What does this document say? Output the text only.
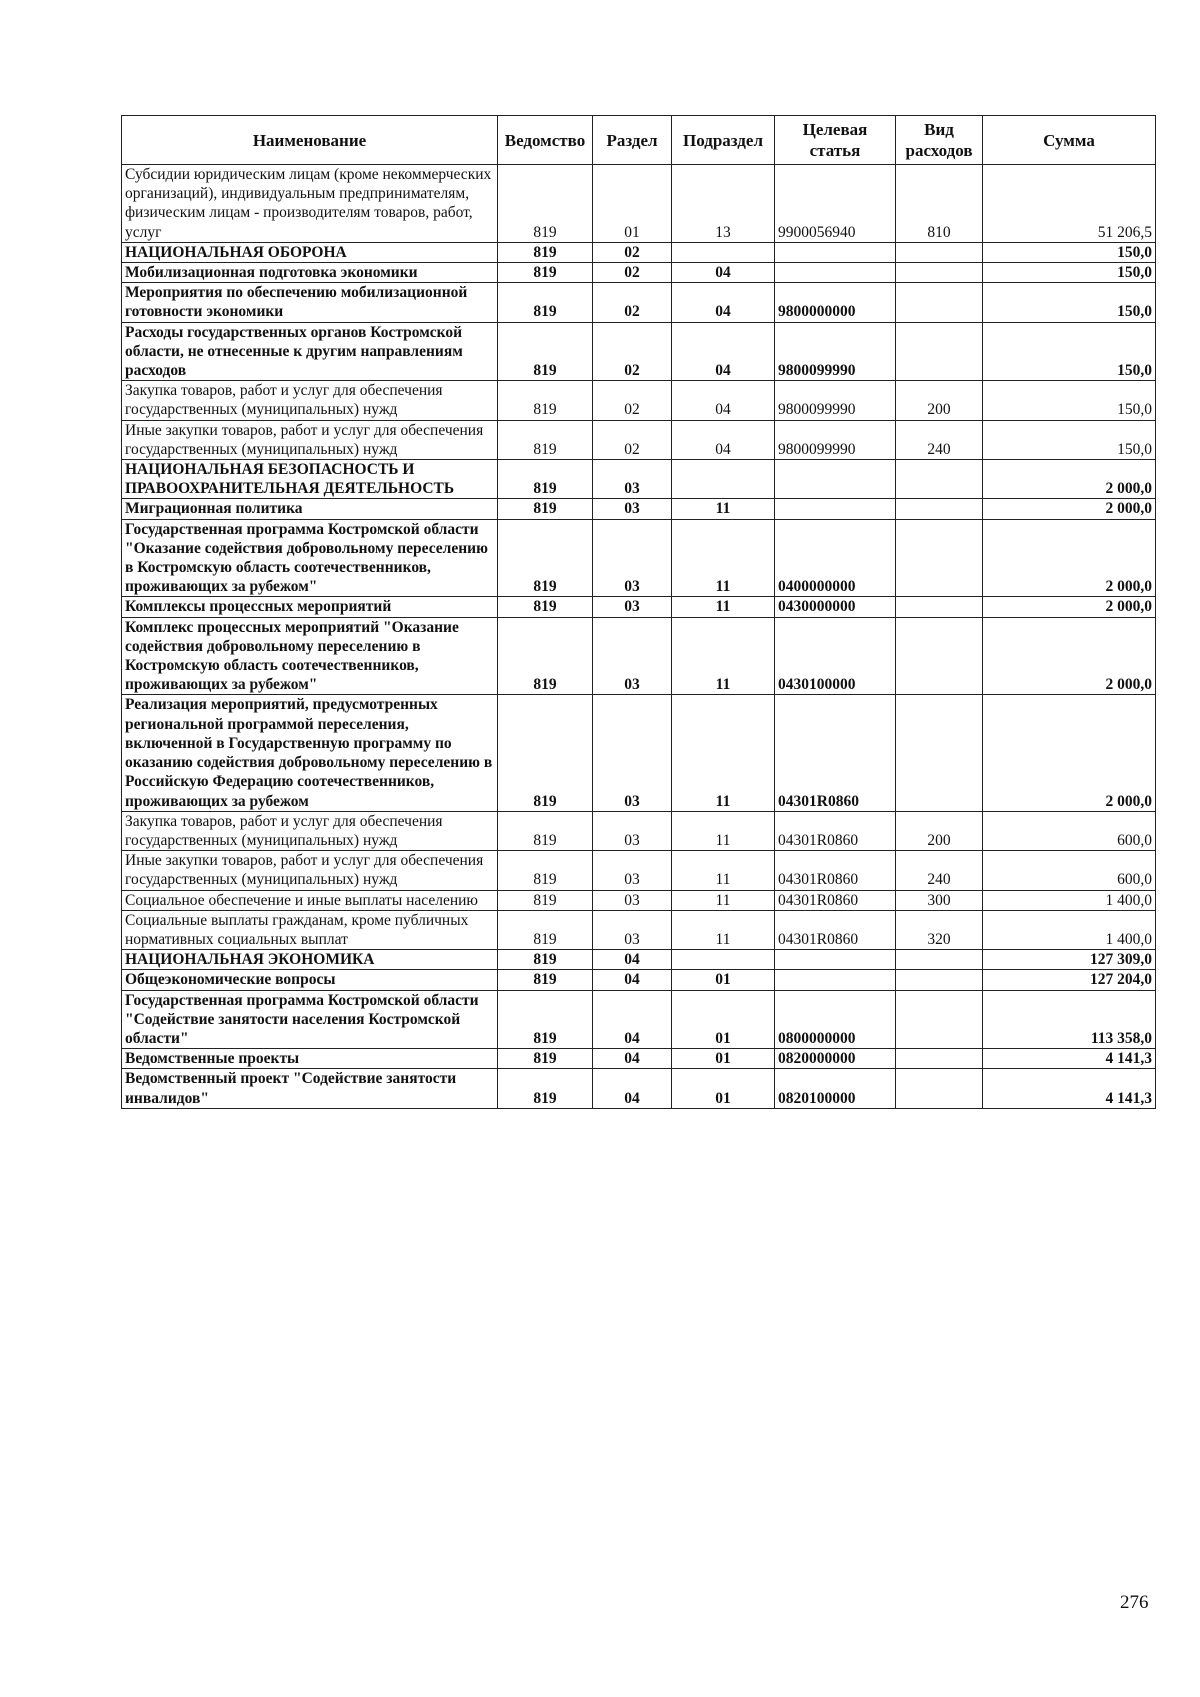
Наименование	Ведомство	Раздел	Подраздел	Целевая статья	Вид расходов	Сумма
Субсидии юридическим лицам (кроме некоммерческих организаций), индивидуальным предпринимателям, физическим лицам - производителям товаров, работ, услуг	819	01	13	9900056940	810	51 206,5
НАЦИОНАЛЬНАЯ ОБОРОНА	819	02				150,0
Мобилизационная подготовка экономики	819	02	04			150,0
Мероприятия по обеспечению мобилизационной готовности экономики	819	02	04	9800000000		150,0
Расходы государственных органов Костромской области, не отнесенные к другим направлениям расходов	819	02	04	9800099990		150,0
Закупка товаров, работ и услуг для обеспечения государственных (муниципальных) нужд	819	02	04	9800099990	200	150,0
Иные закупки товаров, работ и услуг для обеспечения государственных (муниципальных) нужд	819	02	04	9800099990	240	150,0
НАЦИОНАЛЬНАЯ БЕЗОПАСНОСТЬ И ПРАВООХРАНИТЕЛЬНАЯ ДЕЯТЕЛЬНОСТЬ	819	03				2 000,0
Миграционная политика	819	03	11			2 000,0
Государственная программа Костромской области "Оказание содействия добровольному переселению в Костромскую область соотечественников, проживающих за рубежом"	819	03	11	0400000000		2 000,0
Комплексы процессных мероприятий	819	03	11	0430000000		2 000,0
Комплекс процессных мероприятий "Оказание содействия добровольному переселению в Костромскую область соотечественников, проживающих за рубежом"	819	03	11	0430100000		2 000,0
Реализация мероприятий, предусмотренных региональной программой переселения, включенной в Государственную программу по оказанию содействия добровольному переселению в Российскую Федерацию соотечественников, проживающих за рубежом	819	03	11	04301R0860		2 000,0
Закупка товаров, работ и услуг для обеспечения государственных (муниципальных) нужд	819	03	11	04301R0860	200	600,0
Иные закупки товаров, работ и услуг для обеспечения государственных (муниципальных) нужд	819	03	11	04301R0860	240	600,0
Социальное обеспечение и иные выплаты населению	819	03	11	04301R0860	300	1 400,0
Социальные выплаты гражданам, кроме публичных нормативных социальных выплат	819	03	11	04301R0860	320	1 400,0
НАЦИОНАЛЬНАЯ ЭКОНОМИКА	819	04				127 309,0
Общеэкономические вопросы	819	04	01			127 204,0
Государственная программа Костромской области "Содействие занятости населения Костромской области"	819	04	01	0800000000		113 358,0
Ведомственные проекты	819	04	01	0820000000		4 141,3
Ведомственный проект "Содействие занятости инвалидов"	819	04	01	0820100000		4 141,3
276
